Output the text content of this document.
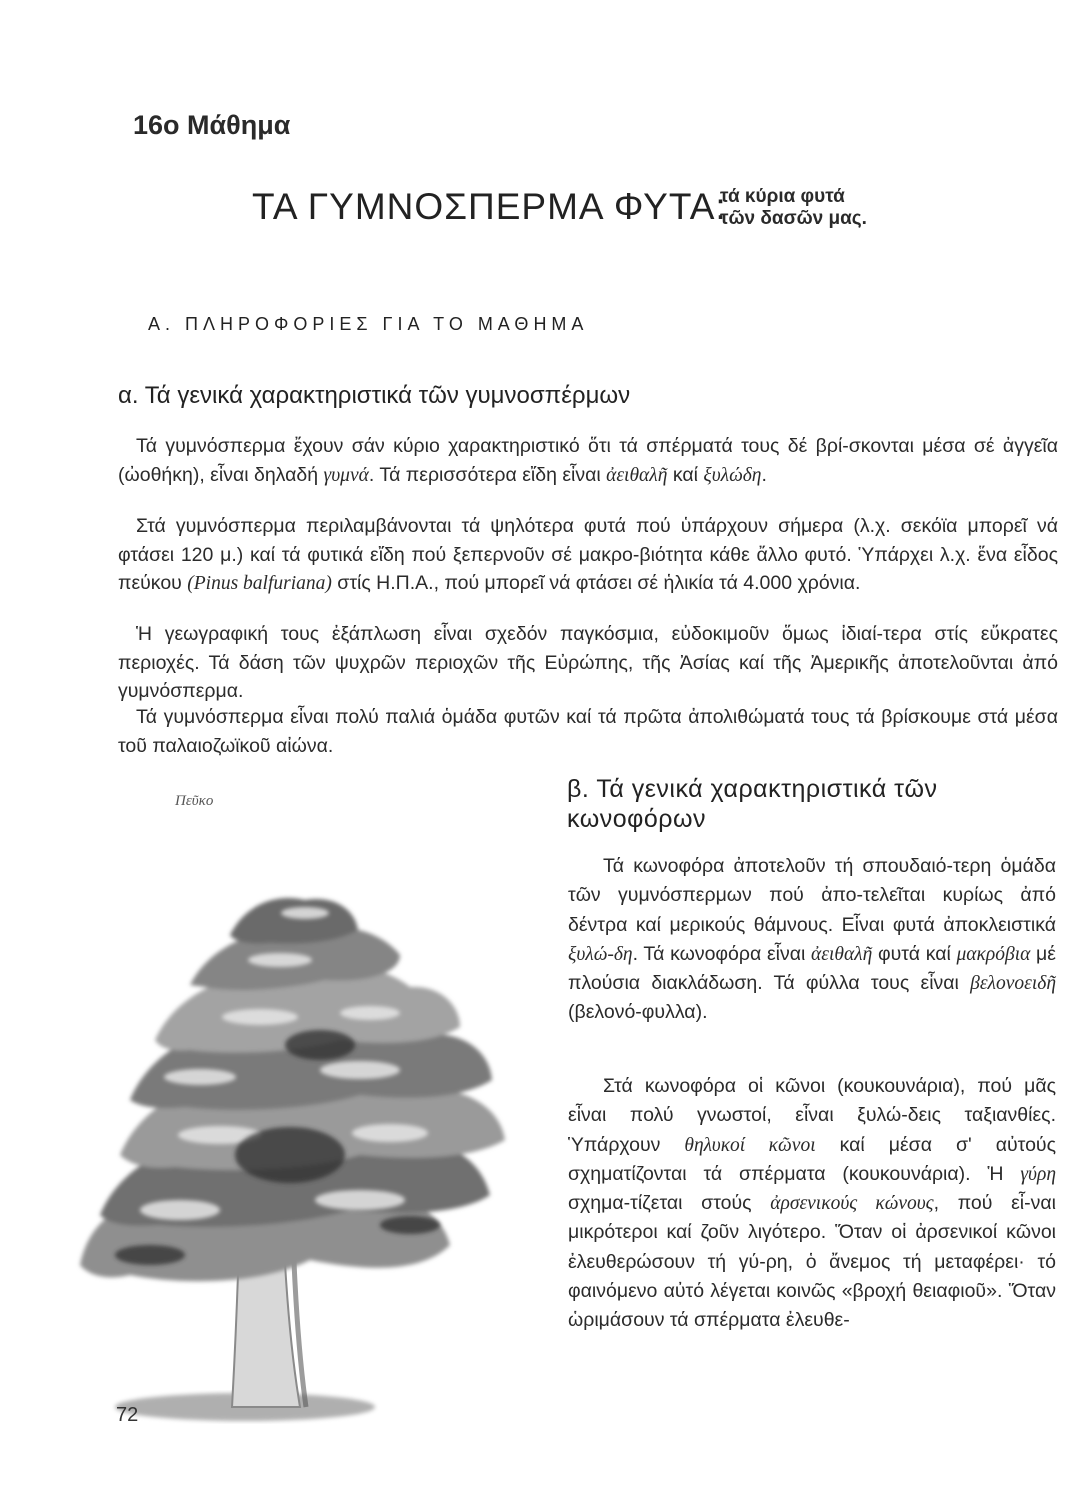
16ο Μάθημα
ΤΑ ΓΥΜΝΟΣΠΕΡΜΑ ΦΥΤΑ:
τά κύρια φυτά
τῶν δασῶν μας.
Α. ΠΛΗΡΟΦΟΡΙΕΣ ΓΙΑ ΤΟ ΜΑΘΗΜΑ
α. Τά γενικά χαρακτηριστικά τῶν γυμνοσπέρμων

Τά γυμνόσπερμα ἔχουν σάν κύριο χαρακτηριστικό ὅτι τά σπέρματά τους δέ βρί-σκονται μέσα σέ ἀγγεῖα (ὠοθήκη), εἶναι δηλαδή γυμνά. Τά περισσότερα εἴδη εἶναι ἀειθαλῆ καί ξυλώδη.

Στά γυμνόσπερμα περιλαμβάνονται τά ψηλότερα φυτά πού ὑπάρχουν σήμερα (λ.χ. σεκόϊα μπορεῖ νά φτάσει 120 μ.) καί τά φυτικά εἴδη πού ξεπερνοῦν σέ μακρο-βιότητα κάθε ἄλλο φυτό. Ὑπάρχει λ.χ. ἕνα εἶδος πεύκου (Pinus balfuriana) στίς Η.Π.Α., πού μπορεῖ νά φτάσει σέ ἡλικία τά 4.000 χρόνια.

Ἡ γεωγραφική τους ἐξάπλωση εἶναι σχεδόν παγκόσμια, εὐδοκιμοῦν ὅμως ἰδιαί-τερα στίς εὔκρατες περιοχές. Τά δάση τῶν ψυχρῶν περιοχῶν τῆς Εὐρώπης, τῆς Ἀσίας καί τῆς Ἀμερικῆς ἀποτελοῦνται ἀπό γυμνόσπερμα.

Τά γυμνόσπερμα εἶναι πολύ παλιά ὁμάδα φυτῶν καί τά πρῶτα ἀπολιθώματά τους τά βρίσκουμε στά μέσα τοῦ παλαιοζωϊκοῦ αἰώνα.

Πεῦκο	β. Τά γενικά χαρακτηριστικά τῶν κωνοφόρων

Τά κωνοφόρα ἀποτελοῦν τή σπουδαιό-τερη ὁμάδα τῶν γυμνόσπερμων πού ἀπο-τελεῖται κυρίως ἀπό δέντρα καί μερικούς θάμνους. Εἶναι φυτά ἀποκλειστικά ξυλώ-δη. Τά κωνοφόρα εἶναι ἀειθαλῆ φυτά καί μακρόβια μέ πλούσια διακλάδωση. Τά φύλλα τους εἶναι βελονοειδῆ (βελονό-φυλλα).

Στά κωνοφόρα οἱ κῶνοι (κουκουνάρια), πού μᾶς εἶναι πολύ γνωστοί, εἶναι ξυλώ-δεις ταξιανθίες. Ὑπάρχουν θηλυκοί κῶνοι καί μέσα σ' αὐτούς σχηματίζονται τά σπέρματα (κουκουνάρια). Ἡ γύρη σχημα-τίζεται στούς ἀρσενικούς κώνους, πού εἶ-ναι μικρότεροι καί ζοῦν λιγότερο. Ὅταν οἱ ἀρσενικοί κῶνοι ἐλευθερώσουν τή γύ-ρη, ὁ ἄνεμος τή μεταφέρει· τό φαινόμενο αὐτό λέγεται κοινῶς «βροχή θειαφιοῦ». Ὅταν ὡριμάσουν τά σπέρματα ἐλευθε-

72
